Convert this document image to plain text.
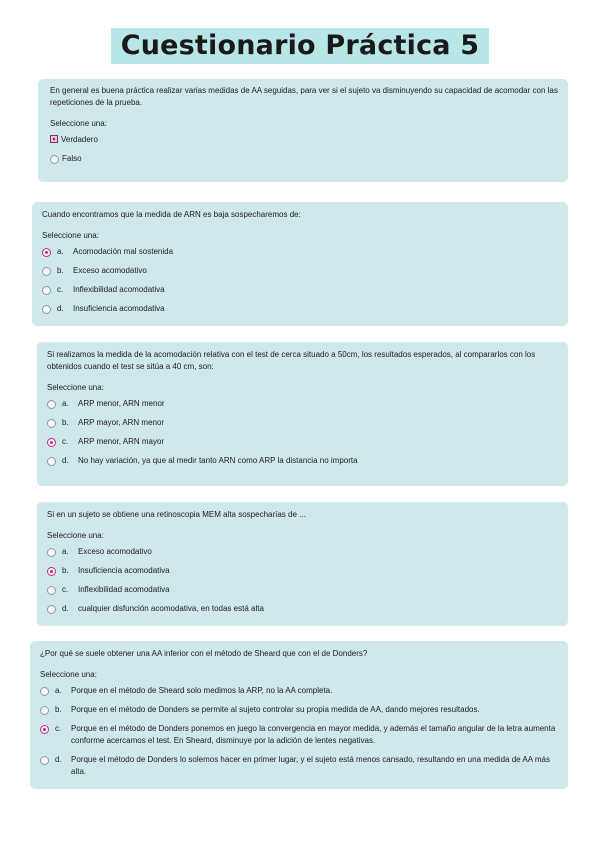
Cuestionario Práctica 5

En general es buena práctica realizar varias medidas de AA seguidas, para ver si el sujeto va disminuyendo su capacidad de acomodar con las repeticiones de la prueba.

Seleccione una:
Verdadero
Falso

Cuando encontramos que la medida de ARN es baja sospecharemos de:

Seleccione una:
a.	Acomodación mal sostenida
b.	Exceso acomodativo
c.	Inflexibilidad acomodativa
d.	Insuficiencia acomodativa

Si realizamos la medida de la acomodación relativa con el test de cerca situado a 50cm, los resultados esperados, al compararlos con los obtenidos cuando el test se sitúa a 40 cm, son:

Seleccione una:
a.	ARP menor, ARN menor
b.	ARP mayor, ARN menor
c.	ARP menor, ARN mayor
d.	No hay variación, ya que al medir tanto ARN como ARP la distancia no importa

Si en un sujeto se obtiene una retinoscopia MEM alta sospecharías de ...

Seleccione una:
a.	Exceso acomodativo
b.	Insuficiencia acomodativa
c.	Inflexibilidad acomodativa
d.	cualquier disfunción acomodativa, en todas está alta

¿Por qué se suele obtener una AA inferior con el método de Sheard que con el de Donders?

Seleccione una:
a.	Porque en el método de Sheard solo medimos la ARP, no la AA completa.
b.	Porque en el método de Donders se permite al sujeto controlar su propia medida de AA, dando mejores resultados.
c.	Porque en el método de Donders ponemos en juego la convergencia en mayor medida, y además el tamaño angular de la letra aumenta conforme acercamos el test. En Sheard, disminuye por la adición de lentes negativas.
d.	Porque el método de Donders lo solemos hacer en primer lugar, y el sujeto está menos cansado, resultando en una medida de AA más alta.
